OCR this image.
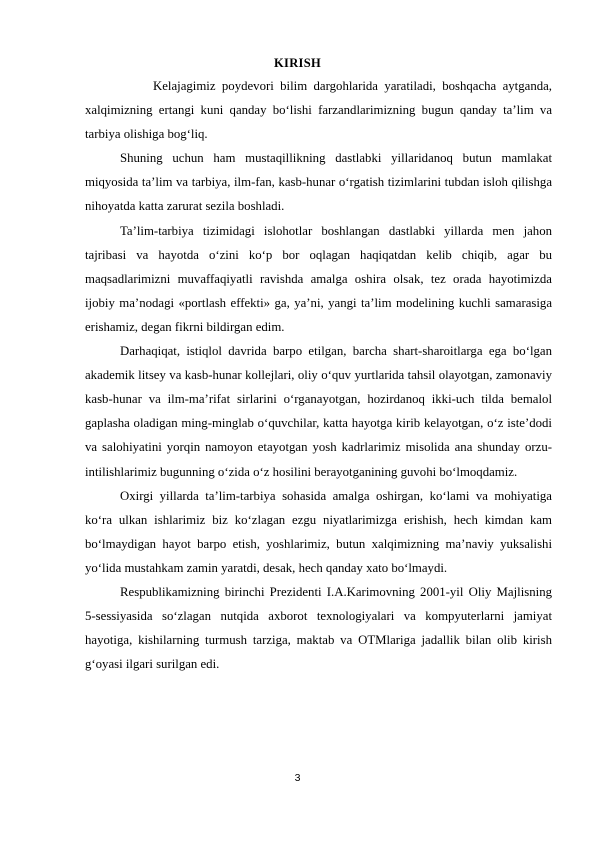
KIRISH

Kelajagimiz poydevori bilim dargohlarida yaratiladi, boshqacha aytganda, xalqimizning ertangi kuni qanday bo‘lishi farzandlarimizning bugun qanday ta’lim va tarbiya olishiga bog‘liq.

Shuning uchun ham mustaqillikning dastlabki yillaridanoq butun mamlakat miqyosida ta’lim va tarbiya, ilm-fan, kasb-hunar o‘rgatish tizimlarini tubdan isloh qilishga nihoyatda katta zarurat sezila boshladi.

Ta’lim-tarbiya tizimidagi islohotlar boshlangan dastlabki yillarda men jahon tajribasi va hayotda o‘zini ko‘p bor oqlagan haqiqatdan kelib chiqib, agar bu maqsadlarimizni muvaffaqiyatli ravishda amalga oshira olsak, tez orada hayotimizda ijobiy ma’nodagi «portlash effekti» ga, ya’ni, yangi ta’lim modelining kuchli samarasiga erishamiz, degan fikrni bildirgan edim.

Darhaqiqat, istiqlol davrida barpo etilgan, barcha shart-sharoitlarga ega bo‘lgan akademik litsey va kasb-hunar kollejlari, oliy o‘quv yurtlarida tahsil olayotgan, zamonaviy kasb-hunar va ilm-ma’rifat sirlarini o‘rganayotgan, hozirdanoq ikki-uch tilda bemalol gaplasha oladigan ming-minglab o‘quvchilar, katta hayotga kirib kelayotgan, o‘z iste’dodi va salohiyatini yorqin namoyon etayotgan yosh kadrlarimiz misolida ana shunday orzu-intilishlarimiz bugunning o‘zida o‘z hosilini berayotganining guvohi bo‘lmoqdamiz.

Oxirgi yillarda ta’lim-tarbiya sohasida amalga oshirgan, ko‘lami va mohiyatiga ko‘ra ulkan ishlarimiz biz ko‘zlagan ezgu niyatlarimizga erishish, hech kimdan kam bo‘lmaydigan hayot barpo etish, yoshlarimiz, butun xalqimizning ma’naviy yuksalishi yo‘lida mustahkam zamin yaratdi, desak, hech qanday xato bo‘lmaydi.

Respublikamizning birinchi Prezidenti I.A.Karimovning 2001-yil Oliy Majlisning 5-sessiyasida so‘zlagan nutqida axborot texnologiyalari va kompyuterlarni jamiyat hayotiga, kishilarning turmush tarziga, maktab va OTMlariga jadallik bilan olib kirish g‘oyasi ilgari surilgan edi.

3
